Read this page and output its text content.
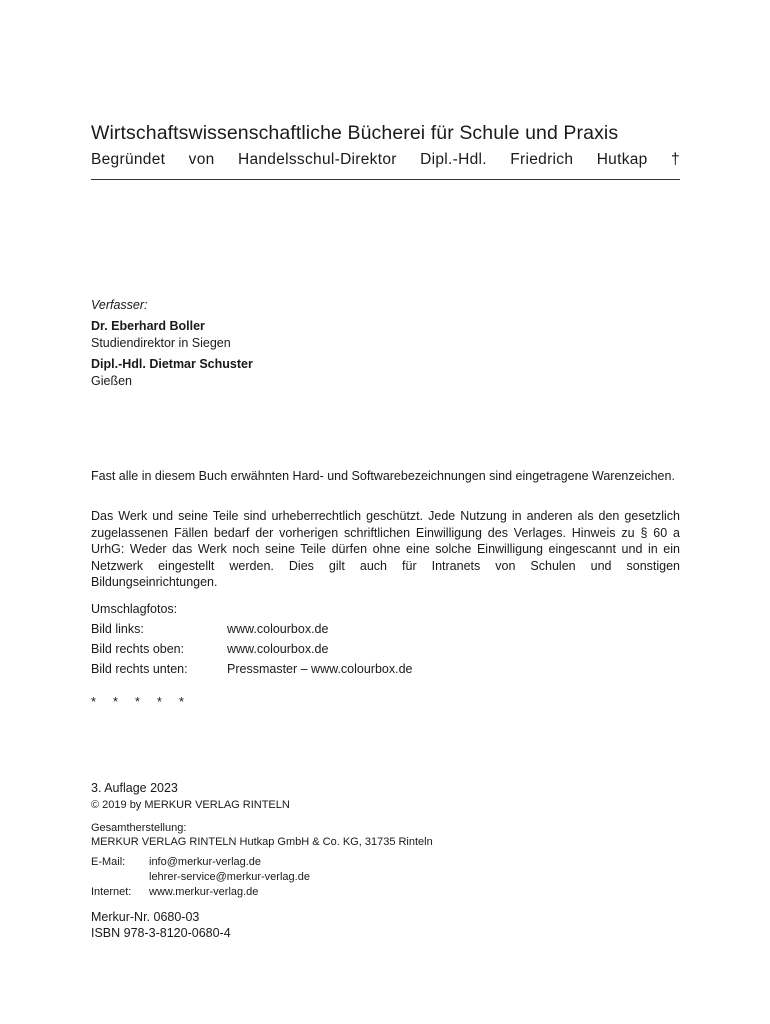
Wirtschaftswissenschaftliche Bücherei für Schule und Praxis
Begründet von Handelsschul-Direktor Dipl.-Hdl. Friedrich Hutkap †
Verfasser:
Dr. Eberhard Boller
Studiendirektor in Siegen
Dipl.-Hdl. Dietmar Schuster
Gießen
Fast alle in diesem Buch erwähnten Hard- und Softwarebezeichnungen sind eingetragene Warenzeichen.
Das Werk und seine Teile sind urheberrechtlich geschützt. Jede Nutzung in anderen als den gesetzlich zugelassenen Fällen bedarf der vorherigen schriftlichen Einwilligung des Verlages. Hinweis zu § 60 a UrhG: Weder das Werk noch seine Teile dürfen ohne eine solche Einwilligung eingescannt und in ein Netzwerk eingestellt werden. Dies gilt auch für Intranets von Schulen und sonstigen Bildungseinrichtungen.
Umschlagfotos:
Bild links:	www.colourbox.de
Bild rechts oben:	www.colourbox.de
Bild rechts unten:	Pressmaster – www.colourbox.de
* * * * *
3. Auflage 2023
© 2019 by MERKUR VERLAG RINTELN
Gesamtherstellung:
MERKUR VERLAG RINTELN Hutkap GmbH & Co. KG, 31735 Rinteln
E-Mail:	info@merkur-verlag.de
	lehrer-service@merkur-verlag.de
Internet:	www.merkur-verlag.de
Merkur-Nr. 0680-03
ISBN 978-3-8120-0680-4
